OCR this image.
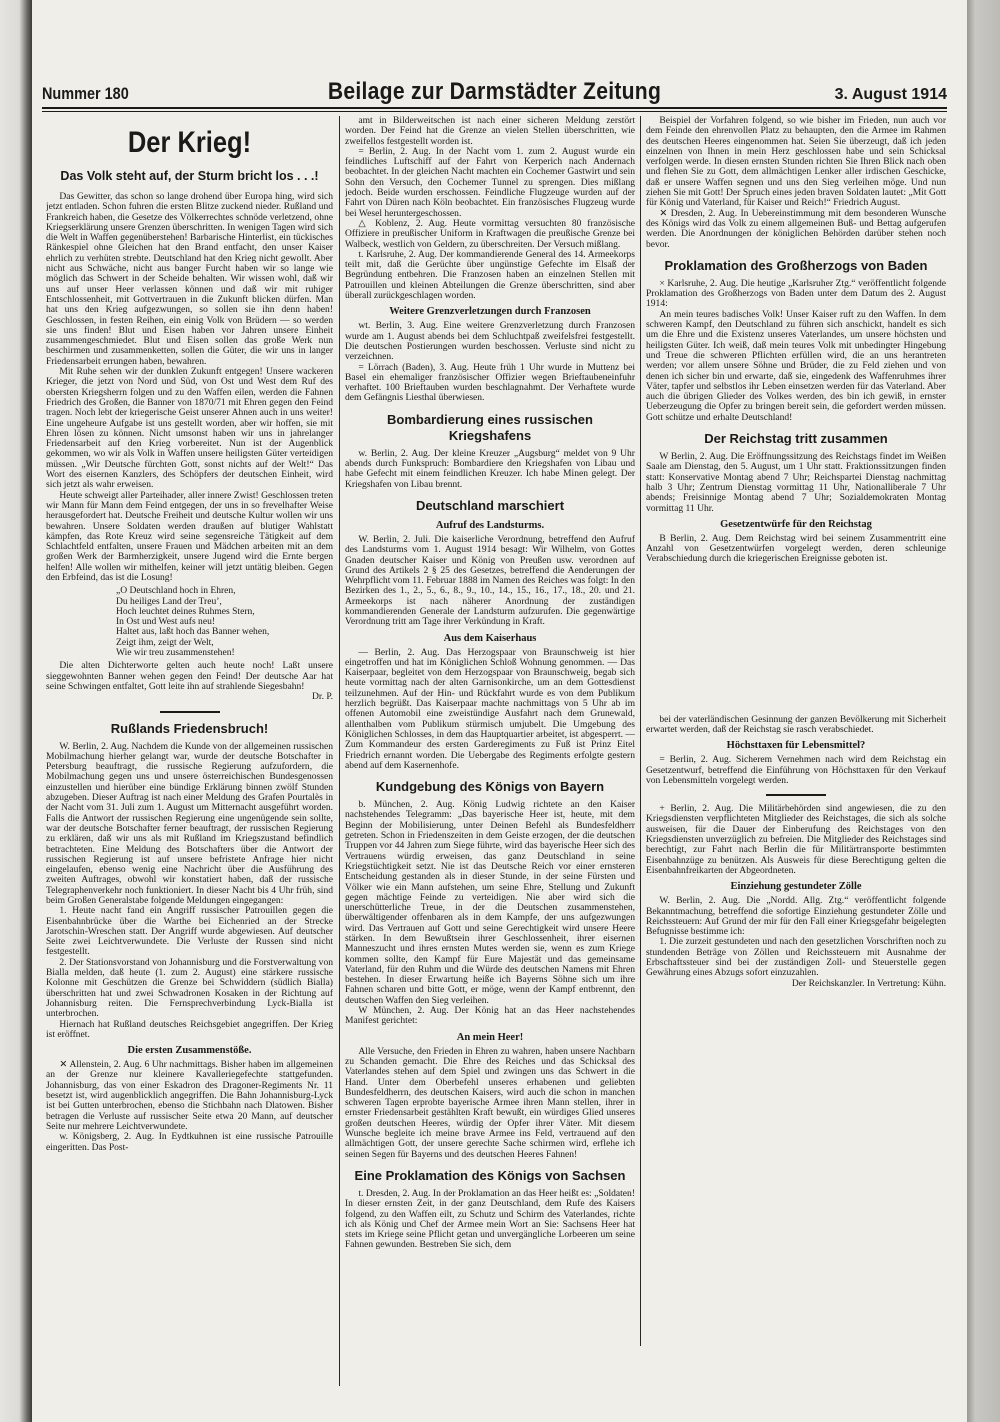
Nummer 180	Beilage zur Darmstädter Zeitung	3. August 1914
Der Krieg!
Das Volk steht auf, der Sturm bricht los . . .!

Das Gewitter, das schon so lange drohend über Europa hing, wird sich jetzt entladen. Schon fuhren die ersten Blitze zuckend nieder. Rußland und Frankreich haben, die Gesetze des Völkerrechtes schnöde verletzend, ohne Kriegserklärung unsere Grenzen überschritten. In wenigen Tagen wird sich die Welt in Waffen gegenüberstehen! Barbarische Hinterlist, ein tückisches Ränkespiel ohne Gleichen hat den Brand entfacht, den unser Kaiser ehrlich zu verhüten strebte. Deutschland hat den Krieg nicht gewollt. Aber nicht aus Schwäche, nicht aus banger Furcht haben wir so lange wie möglich das Schwert in der Scheide behalten. Wir wissen wohl, daß wir uns auf unser Heer verlassen können und daß wir mit ruhiger Entschlossenheit, mit Gottvertrauen in die Zukunft blicken dürfen. Man hat uns den Krieg aufgezwungen, so sollen sie ihn denn haben! Geschlossen, in festen Reihen, ein einig Volk von Brüdern — so werden sie uns finden! Blut und Eisen haben vor Jahren unsere Einheit zusammengeschmiedet. Blut und Eisen sollen das große Werk nun beschirmen und zusammenketten, sollen die Güter, die wir uns in langer Friedensarbeit errungen haben, bewahren.

Mit Ruhe sehen wir der dunklen Zukunft entgegen! Unsere wackeren Krieger, die jetzt von Nord und Süd, von Ost und West dem Ruf des obersten Kriegsherrn folgen und zu den Waffen eilen, werden die Fahnen Friedrich des Großen, die Banner von 1870/71 mit Ehren gegen den Feind tragen. Noch lebt der kriegerische Geist unserer Ahnen auch in uns weiter! Eine ungeheure Aufgabe ist uns gestellt worden, aber wir hoffen, sie mit Ehren lösen zu können. Nicht umsonst haben wir uns in jahrelanger Friedensarbeit auf den Krieg vorbereitet. Nun ist der Augenblick gekommen, wo wir als Volk in Waffen unsere heiligsten Güter verteidigen müssen. „Wir Deutsche fürchten Gott, sonst nichts auf der Welt!“ Das Wort des eisernen Kanzlers, des Schöpfers der deutschen Einheit, wird sich jetzt als wahr erweisen.

Heute schweigt aller Parteihader, aller innere Zwist! Geschlossen treten wir Mann für Mann dem Feind entgegen, der uns in so frevelhafter Weise herausgefordert hat. Deutsche Freiheit und deutsche Kultur wollen wir uns bewahren. Unsere Soldaten werden draußen auf blutiger Wahlstatt kämpfen, das Rote Kreuz wird seine segensreiche Tätigkeit auf dem Schlachtfeld entfalten, unsere Frauen und Mädchen arbeiten mit an dem großen Werk der Barmherzigkeit, unsere Jugend wird die Ernte bergen helfen! Alle wollen wir mithelfen, keiner will jetzt untätig bleiben. Gegen den Erbfeind, das ist die Losung!

„O Deutschland hoch in Ehren,
Du heiliges Land der Treu’,
Hoch leuchtet deines Ruhmes Stern,
In Ost und West aufs neu!
Haltet aus, laßt hoch das Banner wehen,
Zeigt ihm, zeigt der Welt,
Wie wir treu zusammenstehen!

Die alten Dichterworte gelten auch heute noch! Laßt unsere sieggewohnten Banner wehen gegen den Feind! Der deutsche Aar hat seine Schwingen entfaltet, Gott leite ihn auf strahlende Siegesbahn!

Dr. P.
Rußlands Friedensbruch!

W. Berlin, 2. Aug. Nachdem die Kunde von der allgemeinen russischen Mobilmachung hierher gelangt war, wurde der deutsche Botschafter in Petersburg beauftragt, die russische Regierung aufzufordern, die Mobilmachung gegen uns und unsere österreichischen Bundesgenossen einzustellen und hierüber eine bündige Erklärung binnen zwölf Stunden abzugeben. Dieser Auftrag ist nach einer Meldung des Grafen Pourtalès in der Nacht vom 31. Juli zum 1. August um Mitternacht ausgeführt worden. Falls die Antwort der russischen Regierung eine ungenügende sein sollte, war der deutsche Botschafter ferner beauftragt, der russischen Regierung zu erklären, daß wir uns als mit Rußland im Kriegszustand befindlich betrachteten. Eine Meldung des Botschafters über die Antwort der russischen Regierung ist auf unsere befristete Anfrage hier nicht eingelaufen, ebenso wenig eine Nachricht über die Ausführung des zweiten Auftrages, obwohl wir konstatiert haben, daß der russische Telegraphenverkehr noch funktioniert. In dieser Nacht bis 4 Uhr früh, sind beim Großen Generalstabe folgende Meldungen eingegangen:

1. Heute nacht fand ein Angriff russischer Patrouillen gegen die Eisenbahnbrücke über die Warthe bei Eichenried an der Strecke Jarotschin-Wreschen statt. Der Angriff wurde abgewiesen. Auf deutscher Seite zwei Leichtverwundete. Die Verluste der Russen sind nicht festgestellt.

2. Der Stationsvorstand von Johannisburg und die Forstverwaltung von Bialla melden, daß heute (1. zum 2. August) eine stärkere russische Kolonne mit Geschützen die Grenze bei Schwiddern (südlich Bialla) überschritten hat und zwei Schwadronen Kosaken in der Richtung auf Johannisburg reiten. Die Fernsprechverbindung Lyck-Bialla ist unterbrochen.

Hiernach hat Rußland deutsches Reichsgebiet angegriffen. Der Krieg ist eröffnet.

Die ersten Zusammenstöße.

✕ Allenstein, 2. Aug. 6 Uhr nachmittags. Bisher haben im allgemeinen an der Grenze nur kleinere Kavalleriegefechte stattgefunden. Johannisburg, das von einer Eskadron des Dragoner-Regiments Nr. 11 besetzt ist, wird augenblicklich angegriffen. Die Bahn Johannisburg-Lyck ist bei Gutten unterbrochen, ebenso die Stichbahn nach Dlatowen. Bisher betragen die Verluste auf russischer Seite etwa 20 Mann, auf deutscher Seite nur mehrere Leichtverwundete.

w. Königsberg, 2. Aug. In Eydtkuhnen ist eine russische Patrouille eingeritten. Das Post-

amt in Bilderweitschen ist nach einer sicheren Meldung zerstört worden. Der Feind hat die Grenze an vielen Stellen überschritten, wie zweifellos festgestellt worden ist.

= Berlin, 2. Aug. In der Nacht vom 1. zum 2. August wurde ein feindliches Luftschiff auf der Fahrt von Kerperich nach Andernach beobachtet. In der gleichen Nacht machten ein Cochemer Gastwirt und sein Sohn den Versuch, den Cochemer Tunnel zu sprengen. Dies mißlang jedoch. Beide wurden erschossen. Feindliche Flugzeuge wurden auf der Fahrt von Düren nach Köln beobachtet. Ein französisches Flugzeug wurde bei Wesel heruntergeschossen.

△ Koblenz, 2. Aug. Heute vormittag versuchten 80 französische Offiziere in preußischer Uniform in Kraftwagen die preußische Grenze bei Walbeck, westlich von Geldern, zu überschreiten. Der Versuch mißlang.

t. Karlsruhe, 2. Aug. Der kommandierende General des 14. Armeekorps teilt mit, daß die Gerüchte über ungünstige Gefechte im Elsaß der Begründung entbehren. Die Franzosen haben an einzelnen Stellen mit Patrouillen und kleinen Abteilungen die Grenze überschritten, sind aber überall zurückgeschlagen worden.

Weitere Grenzverletzungen durch Franzosen

wt. Berlin, 3. Aug. Eine weitere Grenzverletzung durch Franzosen wurde am 1. August abends bei dem Schluchtpaß zweifelsfrei festgestellt. Die deutschen Postierungen wurden beschossen. Verluste sind nicht zu verzeichnen.

= Lörrach (Baden), 3. Aug. Heute früh 1 Uhr wurde in Muttenz bei Basel ein ehemaliger französischer Offizier wegen Brieftaubeneinfuhr verhaftet. 100 Brieftauben wurden beschlagnahmt. Der Verhaftete wurde dem Gefängnis Liesthal überwiesen.

Bombardierung eines russischen Kriegshafens

w. Berlin, 2. Aug. Der kleine Kreuzer „Augsburg“ meldet von 9 Uhr abends durch Funkspruch: Bombardiere den Kriegshafen von Libau und habe Gefecht mit einem feindlichen Kreuzer. Ich habe Minen gelegt. Der Kriegshafen von Libau brennt.

Deutschland marschiert
Aufruf des Landsturms.

W. Berlin, 2. Juli. Die kaiserliche Verordnung, betreffend den Aufruf des Landsturms vom 1. August 1914 besagt: Wir Wilhelm, von Gottes Gnaden deutscher Kaiser und König von Preußen usw. verordnen auf Grund des Artikels 2 § 25 des Gesetzes, betreffend die Aenderungen der Wehrpflicht vom 11. Februar 1888 im Namen des Reiches was folgt: In den Bezirken des 1., 2., 5., 6., 8., 9., 10., 14., 15., 16., 17., 18., 20. und 21. Armeekorps ist nach näherer Anordnung der zuständigen kommandierenden Generale der Landsturm aufzurufen. Die gegenwärtige Verordnung tritt am Tage ihrer Verkündung in Kraft.

Aus dem Kaiserhaus

— Berlin, 2. Aug. Das Herzogspaar von Braunschweig ist hier eingetroffen und hat im Königlichen Schloß Wohnung genommen. — Das Kaiserpaar, begleitet von dem Herzogspaar von Braunschweig, begab sich heute vormittag nach der alten Garnisonkirche, um an dem Gottesdienst teilzunehmen. Auf der Hin- und Rückfahrt wurde es von dem Publikum herzlich begrüßt. Das Kaiserpaar machte nachmittags von 5 Uhr ab im offenen Automobil eine zweistündige Ausfahrt nach dem Grunewald, allenthalben vom Publikum stürmisch umjubelt. Die Umgebung des Königlichen Schlosses, in dem das Hauptquartier arbeitet, ist abgesperrt. — Zum Kommandeur des ersten Garderegiments zu Fuß ist Prinz Eitel Friedrich ernannt worden. Die Uebergabe des Regiments erfolgte gestern abend auf dem Kasernenhofe.

Kundgebung des Königs von Bayern

b. München, 2. Aug. König Ludwig richtete an den Kaiser nachstehendes Telegramm: „Das bayerische Heer ist, heute, mit dem Beginn der Mobilisierung, unter Deinen Befehl als Bundesfeldherr getreten. Schon in Friedenszeiten in dem Geiste erzogen, der die deutschen Truppen vor 44 Jahren zum Siege führte, wird das bayerische Heer sich des Vertrauens würdig erweisen, das ganz Deutschland in seine Kriegstüchtigkeit setzt. Nie ist das Deutsche Reich vor einer ernsteren Entscheidung gestanden als in dieser Stunde, in der seine Fürsten und Völker wie ein Mann aufstehen, um seine Ehre, Stellung und Zukunft gegen mächtige Feinde zu verteidigen. Nie aber wird sich die unerschütterliche Treue, in der die Deutschen zusammenstehen, überwältigender offenbaren als in dem Kampfe, der uns aufgezwungen wird. Das Vertrauen auf Gott und seine Gerechtigkeit wird unsere Heere stärken. In dem Bewußtsein ihrer Geschlossenheit, ihrer eisernen Manneszucht und ihres ernsten Mutes werden sie, wenn es zum Kriege kommen sollte, den Kampf für Eure Majestät und das gemeinsame Vaterland, für den Ruhm und die Würde des deutschen Namens mit Ehren bestehen. In dieser Erwartung heiße ich Bayerns Söhne sich um ihre Fahnen scharen und bitte Gott, er möge, wenn der Kampf entbrennt, den deutschen Waffen den Sieg verleihen.

W München, 2. Aug. Der König hat an das Heer nachstehendes Manifest gerichtet:

An mein Heer!

Alle Versuche, den Frieden in Ehren zu wahren, haben unsere Nachbarn zu Schanden gemacht. Die Ehre des Reiches und das Schicksal des Vaterlandes stehen auf dem Spiel und zwingen uns das Schwert in die Hand. Unter dem Oberbefehl unseres erhabenen und geliebten Bundesfeldherrn, des deutschen Kaisers, wird auch die schon in manchen schweren Tagen erprobte bayerische Armee ihren Mann stellen, ihrer in ernster Friedensarbeit gestählten Kraft bewußt, ein würdiges Glied unseres großen deutschen Heeres, würdig der Opfer ihrer Väter. Mit diesem Wunsche begleite ich meine brave Armee ins Feld, vertrauend auf den allmächtigen Gott, der unsere gerechte Sache schirmen wird, erflehe ich seinen Segen für Bayerns und des deutschen Heeres Fahnen!

Eine Proklamation des Königs von Sachsen

t. Dresden, 2. Aug. In der Proklamation an das Heer heißt es: „Soldaten! In dieser ernsten Zeit, in der ganz Deutschland, dem Rufe des Kaisers folgend, zu den Waffen eilt, zu Schutz und Schirm des Vaterlandes, richte ich als König und Chef der Armee mein Wort an Sie: Sachsens Heer hat stets im Kriege seine Pflicht getan und unvergängliche Lorbeeren um seine Fahnen gewunden. Bestreben Sie sich, dem

Beispiel der Vorfahren folgend, so wie bisher im Frieden, nun auch vor dem Feinde den ehrenvollen Platz zu behaupten, den die Armee im Rahmen des deutschen Heeres eingenommen hat. Seien Sie überzeugt, daß ich jeden einzelnen von Ihnen in mein Herz geschlossen habe und sein Schicksal verfolgen werde. In diesen ernsten Stunden richten Sie Ihren Blick nach oben und flehen Sie zu Gott, dem allmächtigen Lenker aller irdischen Geschicke, daß er unsere Waffen segnen und uns den Sieg verleihen möge. Und nun ziehen Sie mit Gott! Der Spruch eines jeden braven Soldaten lautet: „Mit Gott für König und Vaterland, für Kaiser und Reich!“ Friedrich August.

✕ Dresden, 2. Aug. In Uebereinstimmung mit dem besonderen Wunsche des Königs wird das Volk zu einem allgemeinen Buß- und Bettag aufgerufen werden. Die Anordnungen der königlichen Behörden darüber stehen noch bevor.

Proklamation des Großherzogs von Baden

× Karlsruhe, 2. Aug. Die heutige „Karlsruher Ztg.“ veröffentlicht folgende Proklamation des Großherzogs von Baden unter dem Datum des 2. August 1914:

An mein teures badisches Volk! Unser Kaiser ruft zu den Waffen. In dem schweren Kampf, den Deutschland zu führen sich anschickt, handelt es sich um die Ehre und die Existenz unseres Vaterlandes, um unsere höchsten und heiligsten Güter. Ich weiß, daß mein teures Volk mit unbedingter Hingebung und Treue die schweren Pflichten erfüllen wird, die an uns herantreten werden; vor allem unsere Söhne und Brüder, die zu Feld ziehen und von denen ich sicher bin und erwarte, daß sie, eingedenk des Waffenruhmes ihrer Väter, tapfer und selbstlos ihr Leben einsetzen werden für das Vaterland. Aber auch die übrigen Glieder des Volkes werden, des bin ich gewiß, in ernster Ueberzeugung die Opfer zu bringen bereit sein, die gefordert werden müssen. Gott schütze und erhalte Deutschland!

Der Reichstag tritt zusammen

W Berlin, 2. Aug. Die Eröffnungssitzung des Reichstags findet im Weißen Saale am Dienstag, den 5. August, um 1 Uhr statt. Fraktionssitzungen finden statt: Konservative Montag abend 7 Uhr; Reichspartei Dienstag nachmittag halb 3 Uhr; Zentrum Dienstag vormittag 11 Uhr, Nationalliberale 7 Uhr abends; Freisinnige Montag abend 7 Uhr; Sozialdemokraten Montag vormittag 11 Uhr.

Gesetzentwürfe für den Reichstag

B Berlin, 2. Aug. Dem Reichstag wird bei seinem Zusammentritt eine Anzahl von Gesetzentwürfen vorgelegt werden, deren schleunige Verabschiedung durch die kriegerischen Ereignisse geboten ist.

bei der vaterländischen Gesinnung der ganzen Bevölkerung mit Sicherheit erwartet werden, daß der Reichstag sie rasch verabschiedet.

Höchsttaxen für Lebensmittel?

= Berlin, 2. Aug. Sicherem Vernehmen nach wird dem Reichstag ein Gesetzentwurf, betreffend die Einführung von Höchsttaxen für den Verkauf von Lebensmitteln vorgelegt werden.

+ Berlin, 2. Aug. Die Militärbehörden sind angewiesen, die zu den Kriegsdiensten verpflichteten Mitglieder des Reichstages, die sich als solche ausweisen, für die Dauer der Einberufung des Reichstages von den Kriegsdiensten unverzüglich zu befreien. Die Mitglieder des Reichstages sind berechtigt, zur Fahrt nach Berlin die für Militärtransporte bestimmten Eisenbahnzüge zu benützen. Als Ausweis für diese Berechtigung gelten die Eisenbahnfreikarten der Abgeordneten.

Einziehung gestundeter Zölle

W. Berlin, 2. Aug. Die „Nordd. Allg. Ztg.“ veröffentlicht folgende Bekanntmachung, betreffend die sofortige Einziehung gestundeter Zölle und Reichssteuern: Auf Grund der mir für den Fall einer Kriegsgefahr beigelegten Befugnisse bestimme ich:

1. Die zurzeit gestundeten und nach den gesetzlichen Vorschriften noch zu stundenden Beträge von Zöllen und Reichssteuern mit Ausnahme der Erbschaftssteuer sind bei der zuständigen Zoll- und Steuerstelle gegen Gewährung eines Abzugs sofort einzuzahlen.

Der Reichskanzler. In Vertretung: Kühn.
